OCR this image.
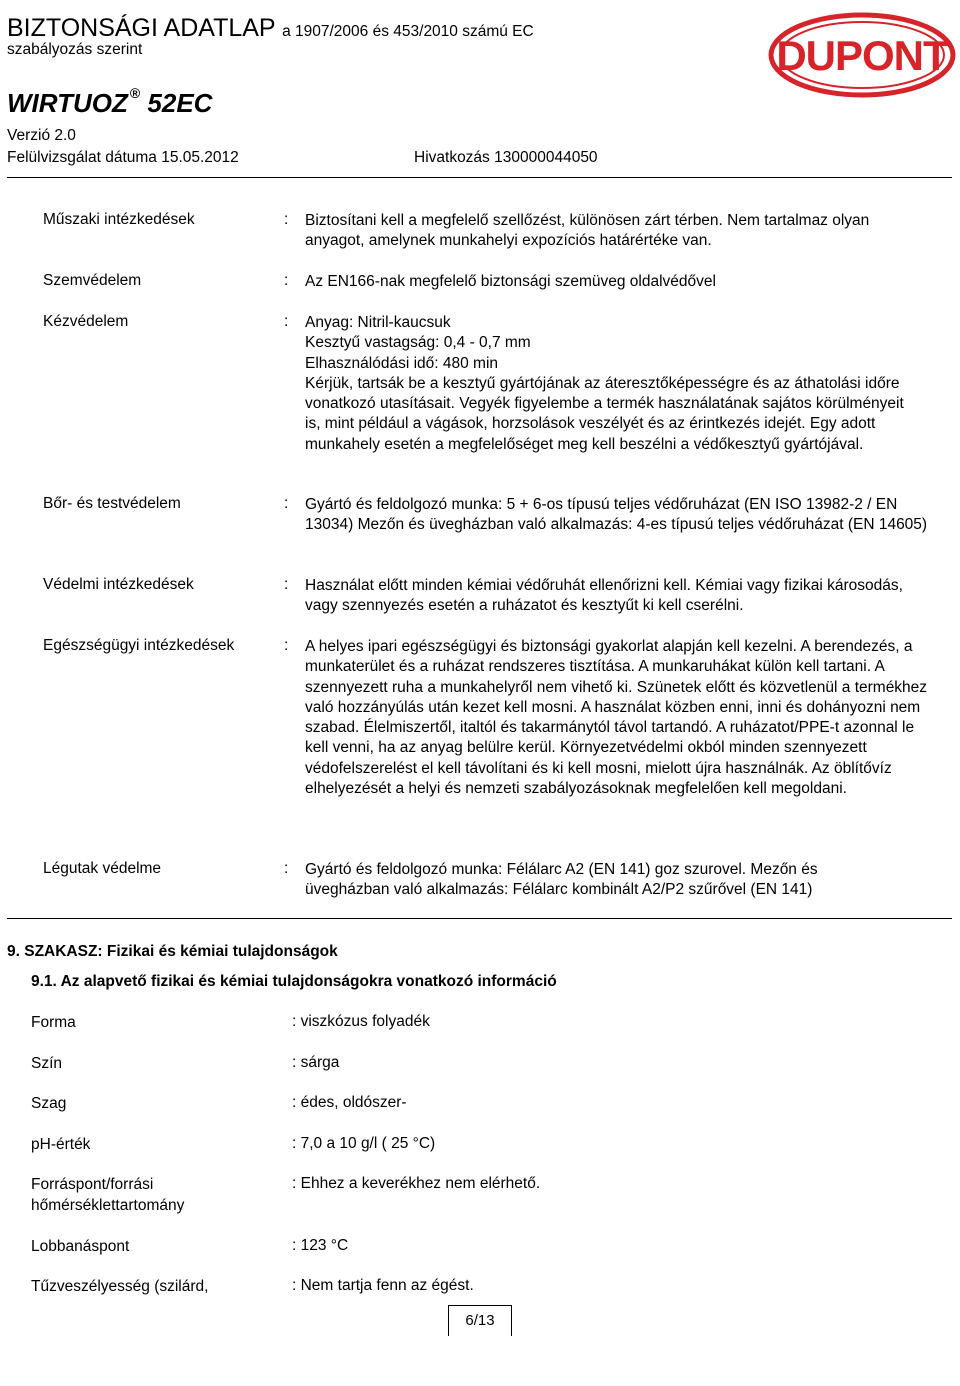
BIZTONSÁGI ADATLAP a 1907/2006 és 453/2010 számú EC
szabályozás szerint
WIRTUOZ ® 52EC
Verzió 2.0
Felülvizsgálat dátuma 15.05.2012	Hivatkozás 130000044050
DUPONT
Műszaki intézkedések	: Biztosítani kell a megfelelő szellőzést, különösen zárt térben. Nem tartalmaz olyan anyagot, amelynek munkahelyi expozíciós határértéke van.
Szemvédelem	: Az EN166-nak megfelelő biztonsági szemüveg oldalvédővel
Kézvédelem	: Anyag: Nitril-kaucsuk
Kesztyű vastagság: 0,4 - 0,7 mm
Elhasználódási idő: 480 min
Kérjük, tartsák be a kesztyű gyártójának az áteresztőképességre és az áthatolási időre vonatkozó utasításait. Vegyék figyelembe a termék használatának sajátos körülményeit is, mint például a vágások, horzsolások veszélyét és az érintkezés idejét. Egy adott munkahely esetén a megfelelőséget meg kell beszélni a védőkesztyű gyártójával.
Bőr- és testvédelem	: Gyártó és feldolgozó munka: 5 + 6-os típusú teljes védőruházat (EN ISO 13982-2 / EN 13034) Mezőn és üvegházban való alkalmazás: 4-es típusú teljes védőruházat (EN 14605)
Védelmi intézkedések	: Használat előtt minden kémiai védőruhát ellenőrizni kell. Kémiai vagy fizikai károsodás, vagy szennyezés esetén a ruházatot és kesztyűt ki kell cserélni.
Egészségügyi intézkedések	: A helyes ipari egészségügyi és biztonsági gyakorlat alapján kell kezelni. A berendezés, a munkaterület és a ruházat rendszeres tisztítása. A munkaruhákat külön kell tartani. A szennyezett ruha a munkahelyről nem vihető ki. Szünetek előtt és közvetlenül a termékhez való hozzányúlás után kezet kell mosni. A használat közben enni, inni és dohányozni nem szabad. Élelmiszertől, italtól és takarmánytól távol tartandó. A ruházatot/PPE-t azonnal le kell venni, ha az anyag belülre kerül. Környezetvédelmi okból minden szennyezett védofelszerelést el kell távolítani és ki kell mosni, mielott újra használnák. Az öblítővíz elhelyezését a helyi és nemzeti szabályozásoknak megfelelően kell megoldani.
Légutak védelme	: Gyártó és feldolgozó munka: Félálarc A2 (EN 141) goz szurovel. Mezőn és üvegházban való alkalmazás: Félálarc kombinált A2/P2 szűrővel (EN 141)
9. SZAKASZ: Fizikai és kémiai tulajdonságok
9.1. Az alapvető fizikai és kémiai tulajdonságokra vonatkozó információ
Forma	: viszkózus folyadék
Szín	: sárga
Szag	: édes, oldószer-
pH-érték	: 7,0 a 10 g/l ( 25 °C)
Forráspont/forrási
hőmérséklettartomány
: Ehhez a keverékhez nem elérhető.
Lobbanáspont	: 123 °C
Tűzveszélyesség (szilárd,	: Nem tartja fenn az égést.
6/13
